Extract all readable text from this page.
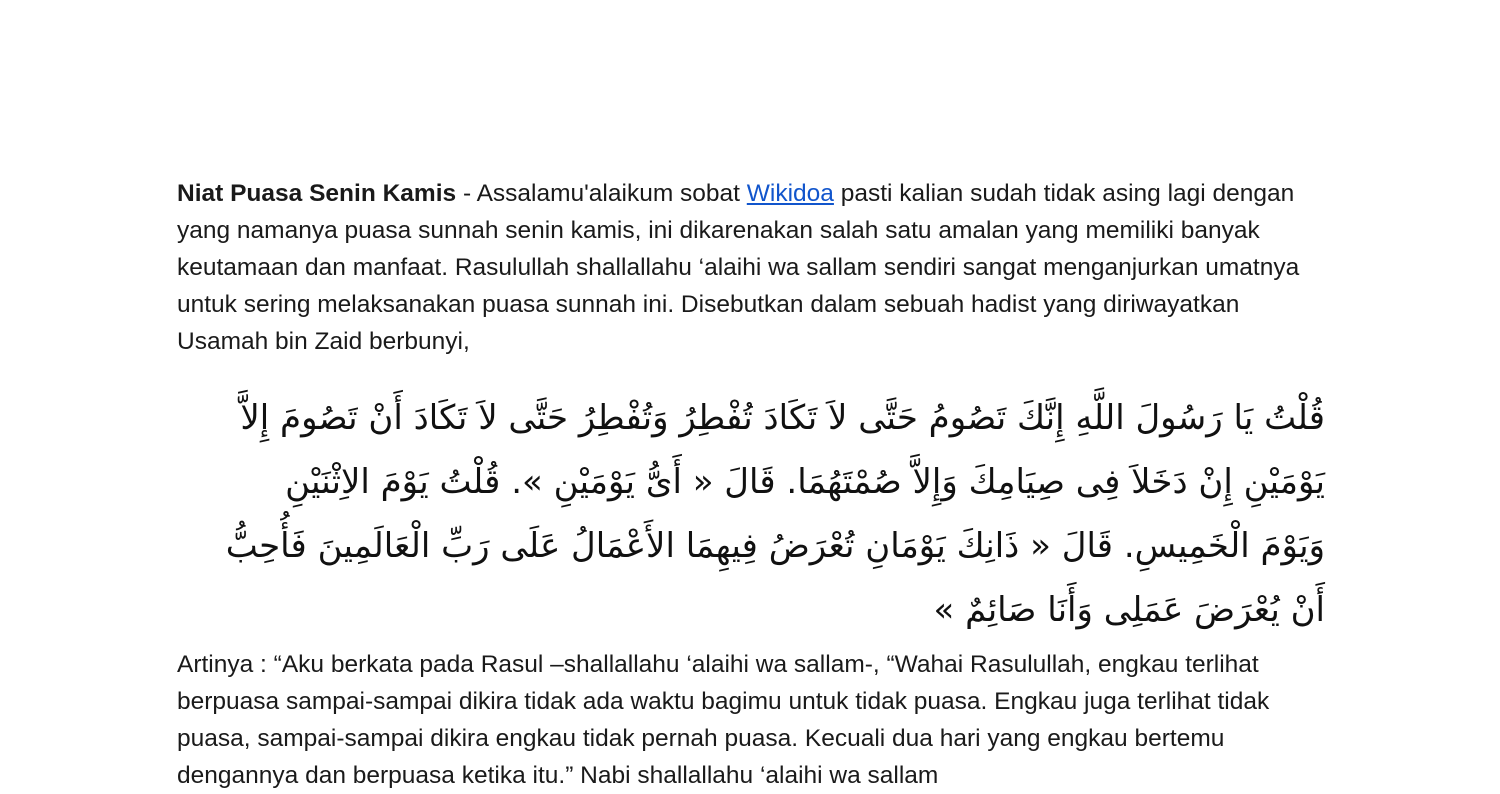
Niat Puasa Senin Kamis - Assalamu'alaikum sobat Wikidoa pasti kalian sudah tidak asing lagi dengan yang namanya puasa sunnah senin kamis, ini dikarenakan salah satu amalan yang memiliki banyak keutamaan dan manfaat. Rasulullah shallallahu ‘alaihi wa sallam sendiri sangat menganjurkan umatnya untuk sering melaksanakan puasa sunnah ini. Disebutkan dalam sebuah hadist yang diriwayatkan Usamah bin Zaid berbunyi,

قُلْتُ يَا رَسُولَ اللَّهِ إِنَّكَ تَصُومُ حَتَّى لاَ تَكَادَ تُفْطِرُ وَتُفْطِرُ حَتَّى لاَ تَكَادَ أَنْ تَصُومَ إِلاَّ يَوْمَيْنِ إِنْ دَخَلاَ فِى صِيَامِكَ وَإِلاَّ صُمْتَهُمَا. قَالَ « أَىُّ يَوْمَيْنِ ». قُلْتُ يَوْمَ الاِثْنَيْنِ وَيَوْمَ الْخَمِيسِ. قَالَ « ذَانِكَ يَوْمَانِ تُعْرَضُ فِيهِمَا الأَعْمَالُ عَلَى رَبِّ الْعَالَمِينَ فَأُحِبُّ أَنْ يُعْرَضَ عَمَلِى وَأَنَا صَائِمٌ »

Artinya : “Aku berkata pada Rasul –shallallahu ‘alaihi wa sallam-, “Wahai Rasulullah, engkau terlihat berpuasa sampai-sampai dikira tidak ada waktu bagimu untuk tidak puasa. Engkau juga terlihat tidak puasa, sampai-sampai dikira engkau tidak pernah puasa. Kecuali dua hari yang engkau bertemu dengannya dan berpuasa ketika itu.” Nabi shallallahu ‘alaihi wa sallam
